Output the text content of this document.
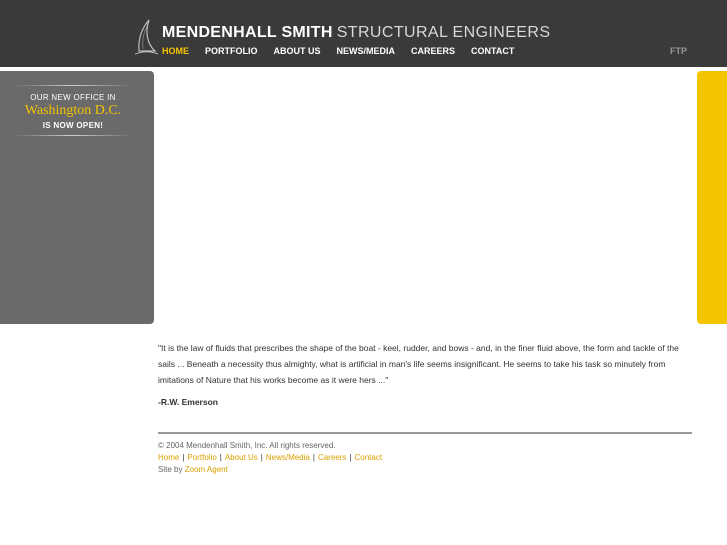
MENDENHALL SMITH STRUCTURAL ENGINEERS
HOME PORTFOLIO ABOUT US NEWS/MEDIA CAREERS CONTACT	FTP
OUR NEW OFFICE IN
Washington D.C.
IS NOW OPEN!

"It is the law of fluids that prescribes the shape of the boat - keel, rudder, and bows - and, in the finer fluid above, the form and tackle of the sails ... Beneath a necessity thus almighty, what is artificial in man's life seems insignificant. He seems to take his task so minutely from imitations of Nature that his works become as it were hers ..."

-R.W. Emerson
© 2004 Mendenhall Smith, Inc. All rights reserved.
Home | Portfolio | About Us | News/Media | Careers | Contact
Site by Zoom Agent
